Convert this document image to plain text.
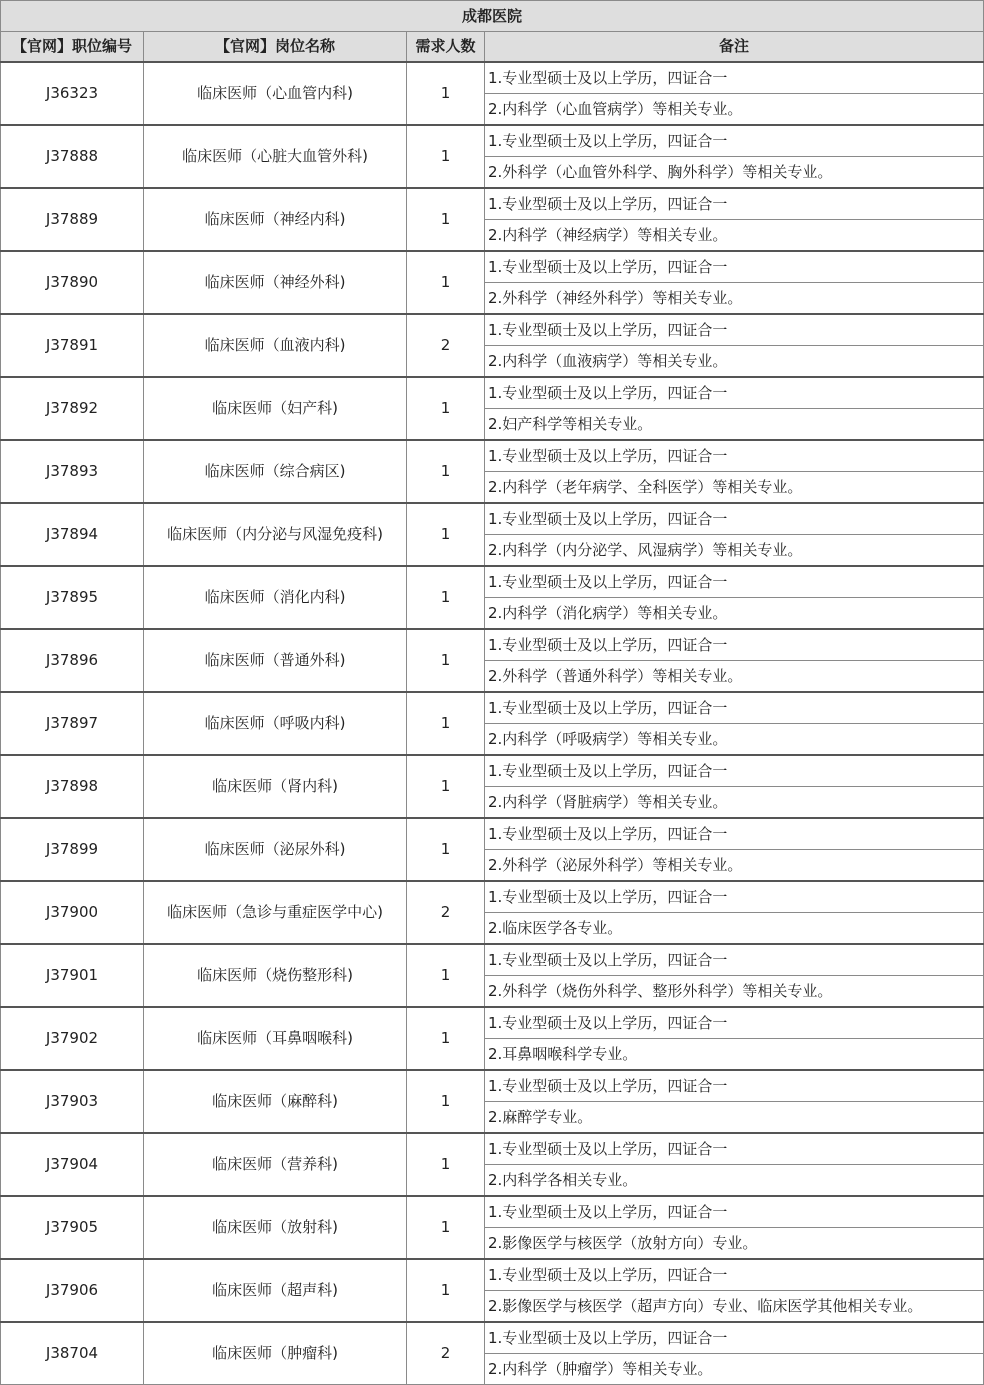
成都医院			
【官网】职位编号	【官网】岗位名称	需求人数	备注
J36323	临床医师（心血管内科)	1	1.专业型硕士及以上学历，四证合一
			2.内科学（心血管病学）等相关专业。
J37888	临床医师（心脏大血管外科)	1	1.专业型硕士及以上学历，四证合一
			2.外科学（心血管外科学、胸外科学）等相关专业。
J37889	临床医师（神经内科)	1	1.专业型硕士及以上学历，四证合一
			2.内科学（神经病学）等相关专业。
J37890	临床医师（神经外科)	1	1.专业型硕士及以上学历，四证合一
			2.外科学（神经外科学）等相关专业。
J37891	临床医师（血液内科)	2	1.专业型硕士及以上学历，四证合一
			2.内科学（血液病学）等相关专业。
J37892	临床医师（妇产科)	1	1.专业型硕士及以上学历，四证合一
			2.妇产科学等相关专业。
J37893	临床医师（综合病区)	1	1.专业型硕士及以上学历，四证合一
			2.内科学（老年病学、全科医学）等相关专业。
J37894	临床医师（内分泌与风湿免疫科)	1	1.专业型硕士及以上学历，四证合一
			2.内科学（内分泌学、风湿病学）等相关专业。
J37895	临床医师（消化内科)	1	1.专业型硕士及以上学历，四证合一
			2.内科学（消化病学）等相关专业。
J37896	临床医师（普通外科)	1	1.专业型硕士及以上学历，四证合一
			2.外科学（普通外科学）等相关专业。
J37897	临床医师（呼吸内科)	1	1.专业型硕士及以上学历，四证合一
			2.内科学（呼吸病学）等相关专业。
J37898	临床医师（肾内科)	1	1.专业型硕士及以上学历，四证合一
			2.内科学（肾脏病学）等相关专业。
J37899	临床医师（泌尿外科)	1	1.专业型硕士及以上学历，四证合一
			2.外科学（泌尿外科学）等相关专业。
J37900	临床医师（急诊与重症医学中心)	2	1.专业型硕士及以上学历，四证合一
			2.临床医学各专业。
J37901	临床医师（烧伤整形科)	1	1.专业型硕士及以上学历，四证合一
			2.外科学（烧伤外科学、整形外科学）等相关专业。
J37902	临床医师（耳鼻咽喉科)	1	1.专业型硕士及以上学历，四证合一
			2.耳鼻咽喉科学专业。
J37903	临床医师（麻醉科)	1	1.专业型硕士及以上学历，四证合一
			2.麻醉学专业。
J37904	临床医师（营养科)	1	1.专业型硕士及以上学历，四证合一
			2.内科学各相关专业。
J37905	临床医师（放射科)	1	1.专业型硕士及以上学历，四证合一
			2.影像医学与核医学（放射方向）专业。
J37906	临床医师（超声科)	1	1.专业型硕士及以上学历，四证合一
			2.影像医学与核医学（超声方向）专业、临床医学其他相关专业。
J38704	临床医师（肿瘤科)	2	1.专业型硕士及以上学历，四证合一
			2.内科学（肿瘤学）等相关专业。
